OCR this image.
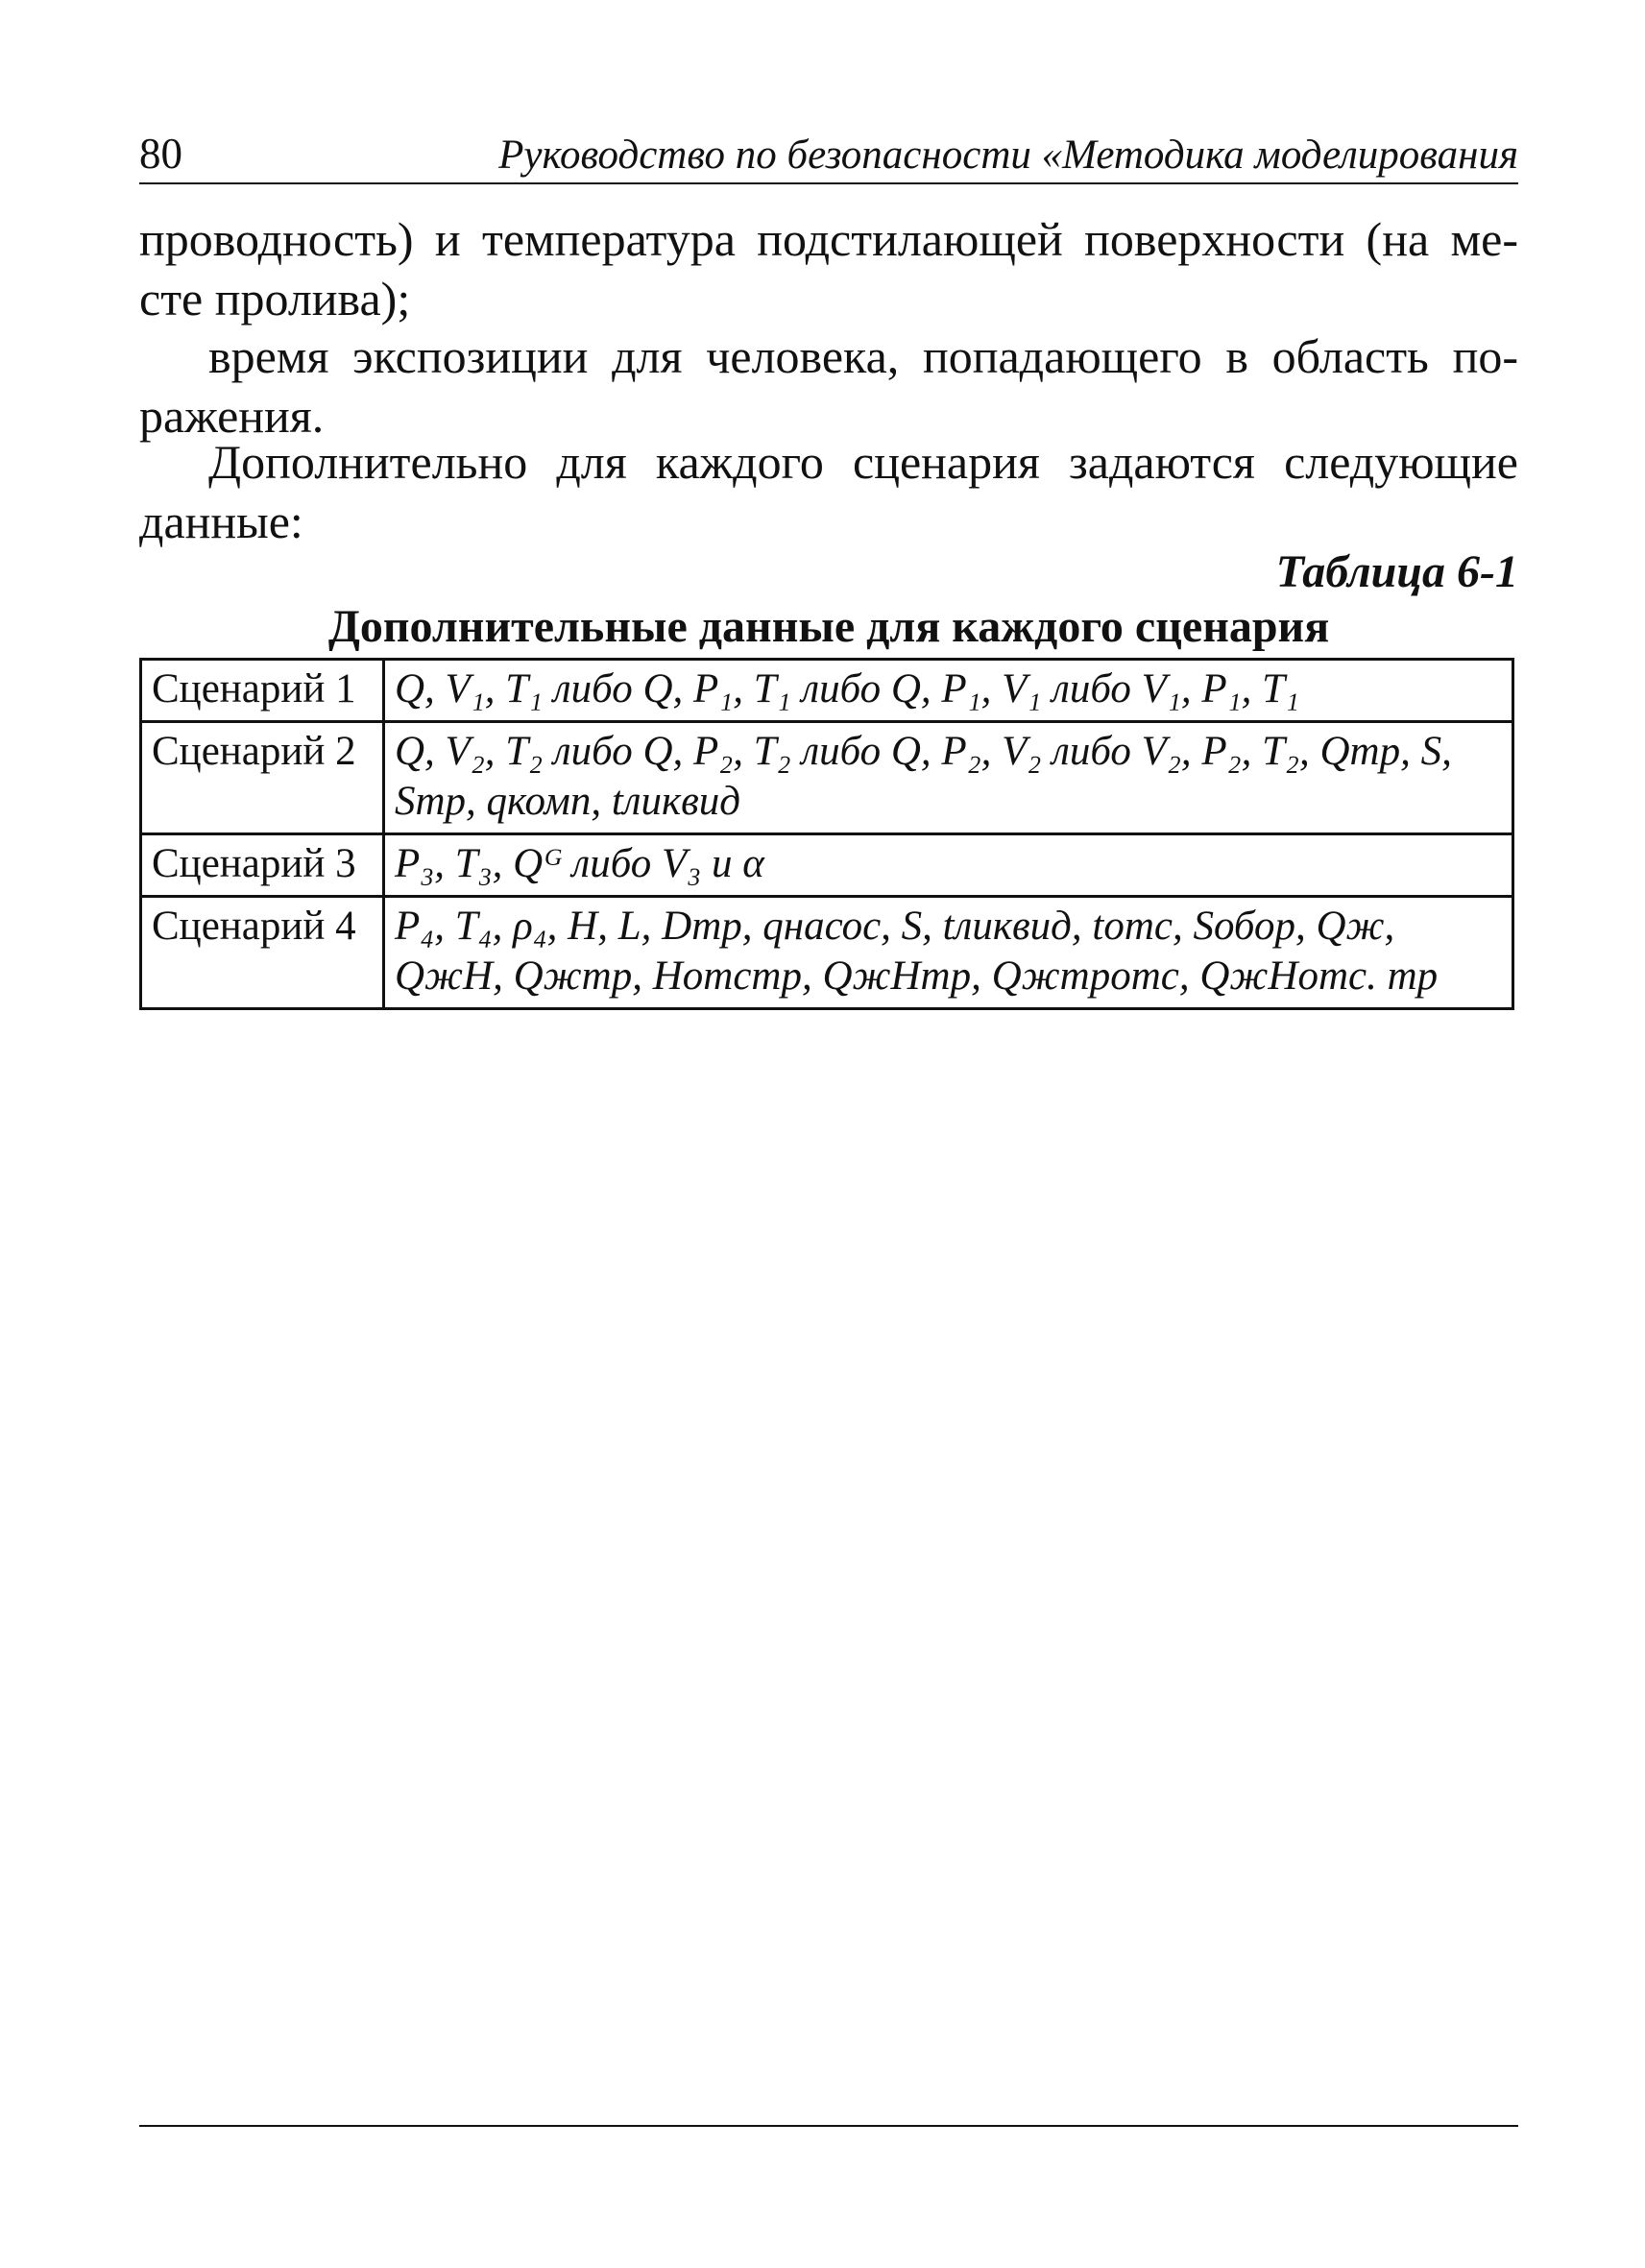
80	Руководство по безопасности «Методика моделирования

проводность) и температура подстилающей поверхности (на ме-
сте пролива);

время экспозиции для человека, попадающего в область по-
ражения.

Дополнительно для каждого сценария задаются следующие
данные:

Таблица 6-1
Дополнительные данные для каждого сценария
Сценарий 1	Q, V₁, T₁ либо Q, P₁, T₁ либо Q, P₁, V₁ либо V₁, P₁, T₁
Сценарий 2	Q, V₂, T₂ либо Q, P₂, T₂ либо Q, P₂, V₂ либо V₂, P₂, T₂, Qтр, S, Sтр, qкомп, tликвид
Сценарий 3	P₃, T₃, Qᴳ либо V₃ и α
Сценарий 4	P₄, T₄, ρ₄, H, L, Dтр, qнасос, S, tликвид, tотс, Sобор, Qж, QжH, Qжтр, Hотстр, QжHтр, Qжтротс, QжHотс. тр
